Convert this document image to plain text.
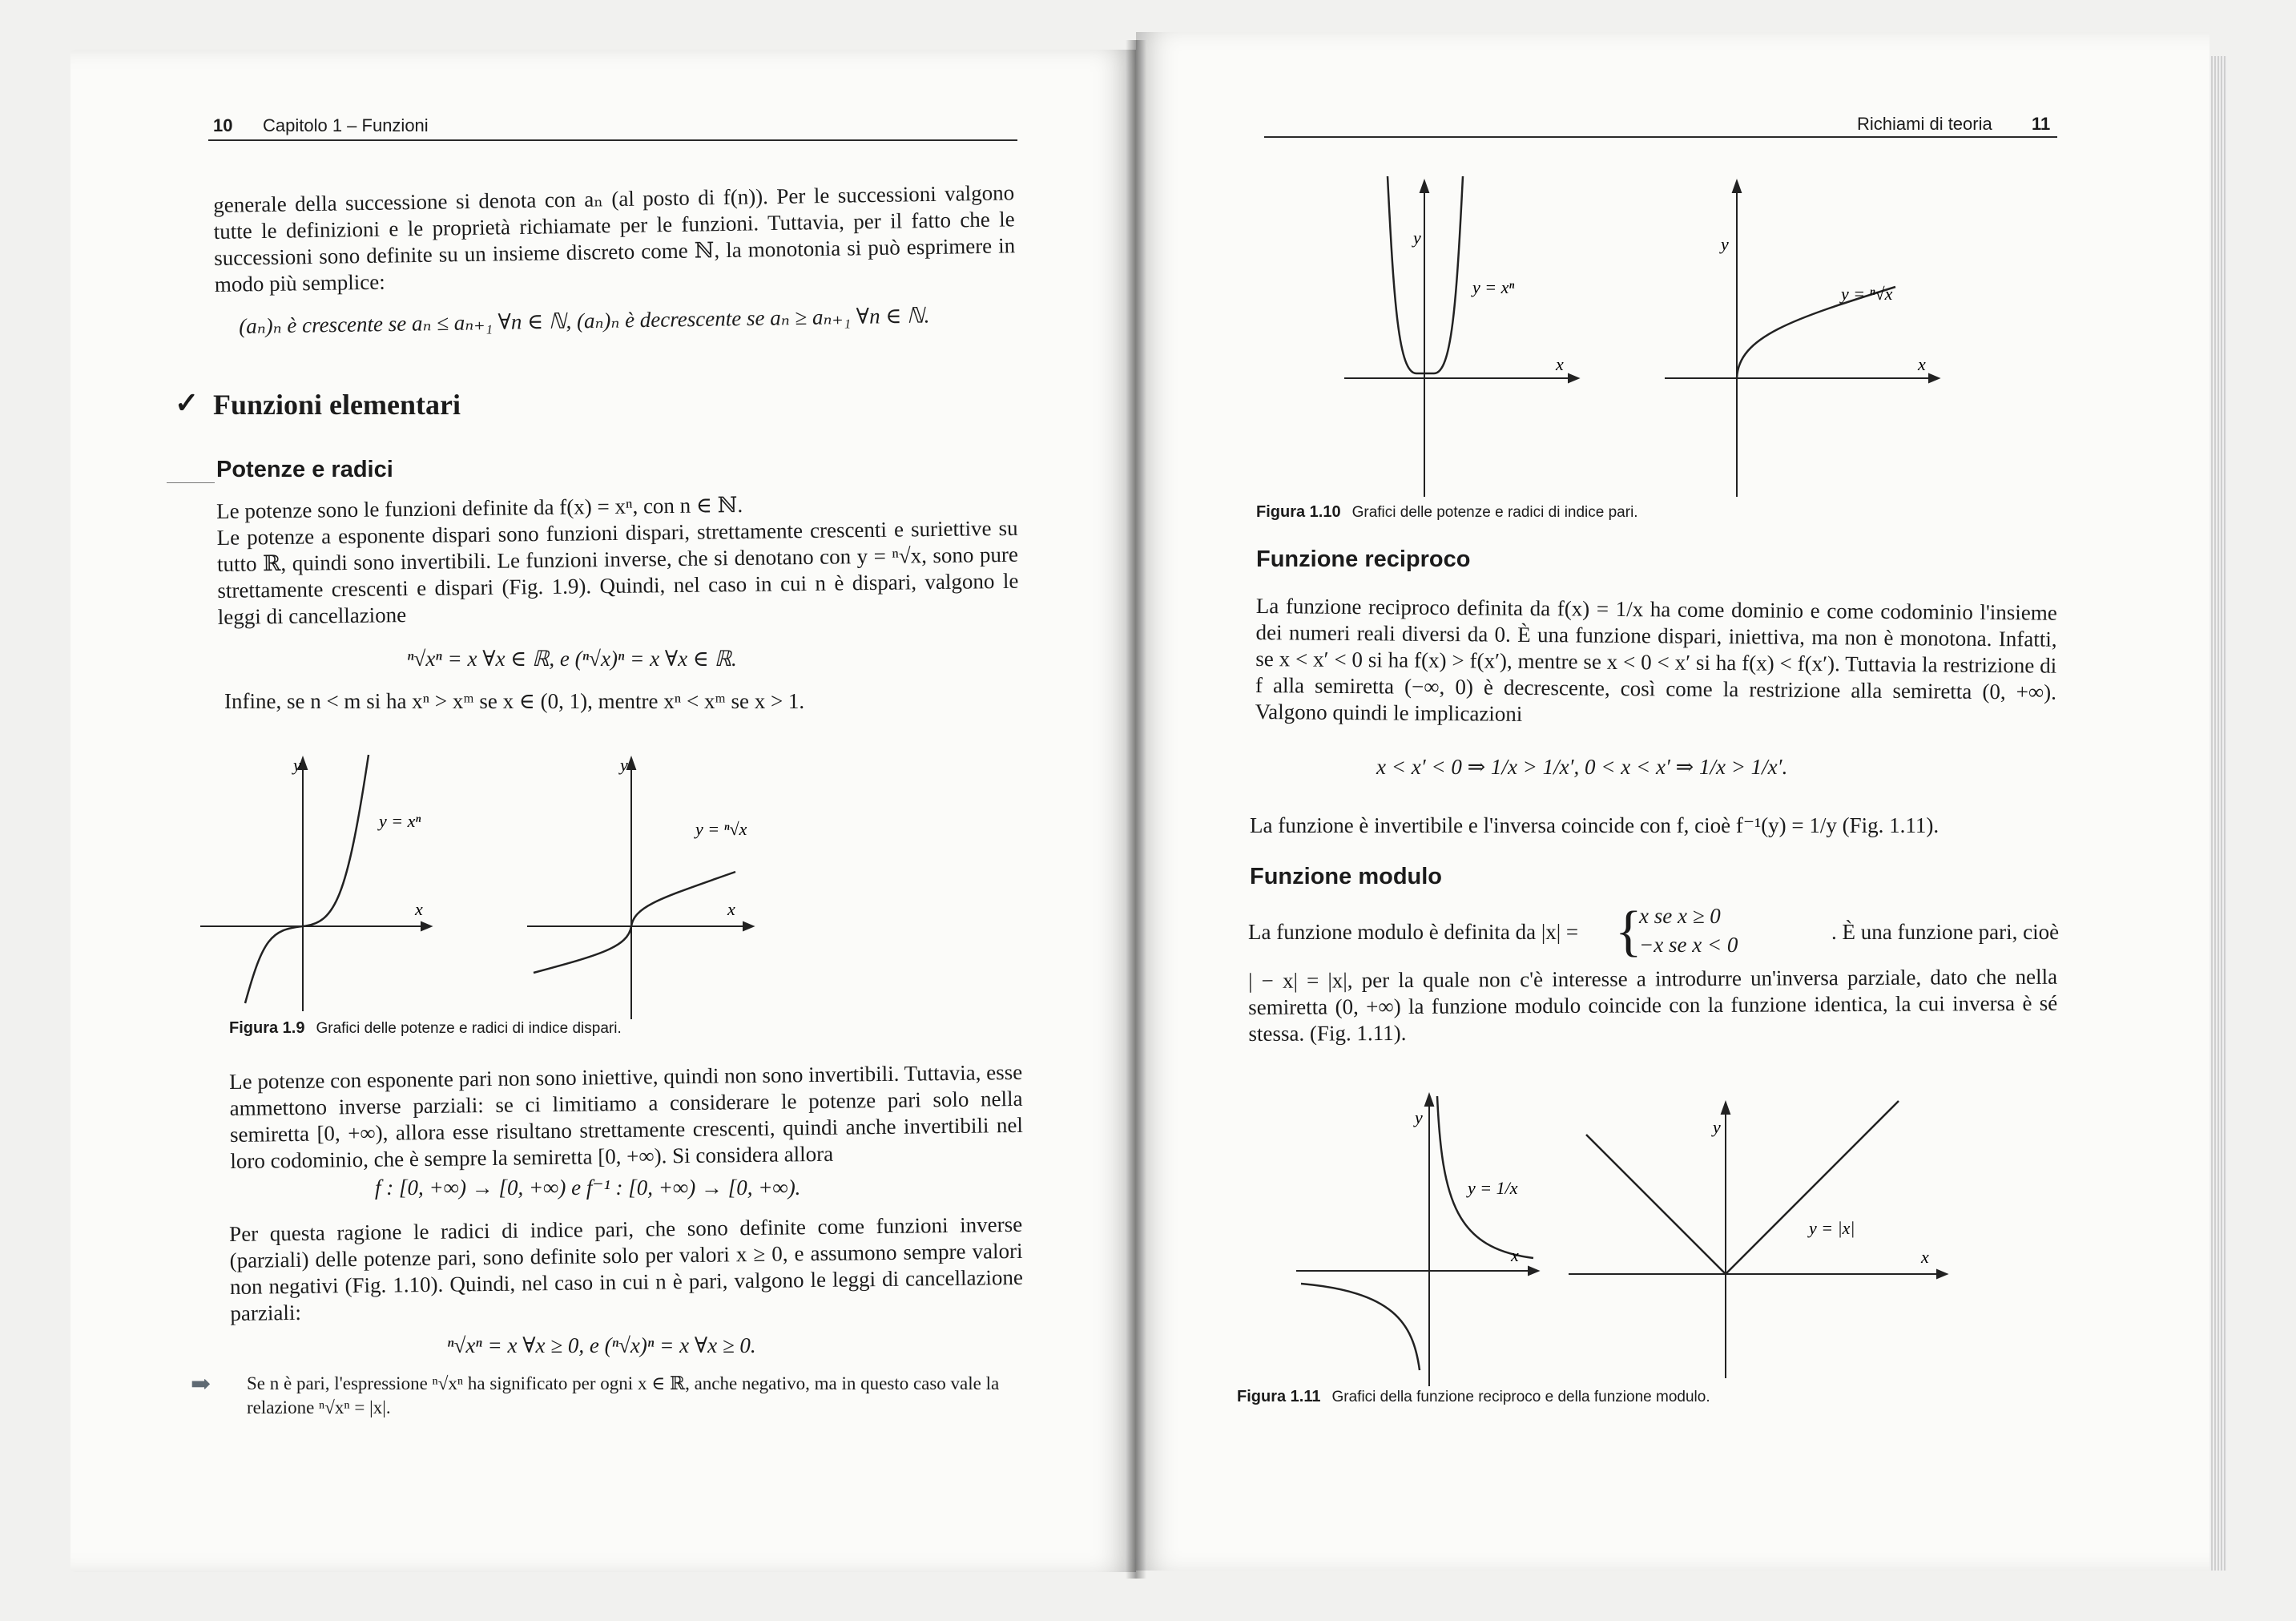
10 Capitolo 1 – Funzioni
generale della successione si denota con aₙ (al posto di f(n)). Per le successioni valgono tutte le definizioni e le proprietà richiamate per le funzioni. Tuttavia, per il fatto che le successioni sono definite su un insieme discreto come ℕ, la monotonia si può esprimere in modo più semplice:
(aₙ)ₙ è crescente se aₙ ≤ aₙ₊₁ ∀n ∈ ℕ, (aₙ)ₙ è decrescente se aₙ ≥ aₙ₊₁ ∀n ∈ ℕ.
✓ Funzioni elementari
Potenze e radici
Le potenze sono le funzioni definite da f(x) = xⁿ, con n ∈ ℕ.
Le potenze a esponente dispari sono funzioni dispari, strettamente crescenti e suriettive su tutto ℝ, quindi sono invertibili. Le funzioni inverse, che si denotano con y = ⁿ√x, sono pure strettamente crescenti e dispari (Fig. 1.9). Quindi, nel caso in cui n è dispari, valgono le leggi di cancellazione
ⁿ√xⁿ = x ∀x ∈ ℝ, e (ⁿ√x)ⁿ = x ∀x ∈ ℝ.
Infine, se n < m si ha xⁿ > xᵐ se x ∈ (0, 1), mentre xⁿ < xᵐ se x > 1.
y
x
y = xⁿ
y
x
y = ⁿ√x
Figura 1.9 Grafici delle potenze e radici di indice dispari.
Le potenze con esponente pari non sono iniettive, quindi non sono invertibili. Tuttavia, esse ammettono inverse parziali: se ci limitiamo a considerare le potenze pari solo nella semiretta [0, +∞), allora esse risultano strettamente crescenti, quindi anche invertibili nel loro codominio, che è sempre la semiretta [0, +∞). Si considera allora
f : [0, +∞) → [0, +∞) e f⁻¹ : [0, +∞) → [0, +∞).
Per questa ragione le radici di indice pari, che sono definite come funzioni inverse (parziali) delle potenze pari, sono definite solo per valori x ≥ 0, e assumono sempre valori non negativi (Fig. 1.10). Quindi, nel caso in cui n è pari, valgono le leggi di cancellazione parziali:
ⁿ√xⁿ = x ∀x ≥ 0, e (ⁿ√x)ⁿ = x ∀x ≥ 0.
➡ Se n è pari, l'espressione ⁿ√xⁿ ha significato per ogni x ∈ ℝ, anche negativo, ma in questo caso vale la relazione ⁿ√xⁿ = |x|.
Richiami di teoria 11
y
x
y = xⁿ
y
x
y = ⁿ√x
Figura 1.10 Grafici delle potenze e radici di indice pari.
Funzione reciproco
La funzione reciproco definita da f(x) = 1/x ha come dominio e come codominio l'insieme dei numeri reali diversi da 0. È una funzione dispari, iniettiva, ma non è monotona. Infatti, se x < x′ < 0 si ha f(x) > f(x′), mentre se x < 0 < x′ si ha f(x) < f(x′). Tuttavia la restrizione di f alla semiretta (−∞, 0) è decrescente, così come la restrizione alla semiretta (0, +∞). Valgono quindi le implicazioni
x < x′ < 0 ⇒ 1/x > 1/x′, 0 < x < x′ ⇒ 1/x > 1/x′.
La funzione è invertibile e l'inversa coincide con f, cioè f⁻¹(y) = 1/y (Fig. 1.11).
Funzione modulo
La funzione modulo è definita da |x| = {
x se x ≥ 0
−x se x < 0
. È una funzione pari, cioè
| − x| = |x|, per la quale non c'è interesse a introdurre un'inversa parziale, dato che nella semiretta (0, +∞) la funzione modulo coincide con la funzione identica, la cui inversa è sé stessa. (Fig. 1.11).
y
x
y = 1/x
y
x
y = |x|
Figura 1.11 Grafici della funzione reciproco e della funzione modulo.
